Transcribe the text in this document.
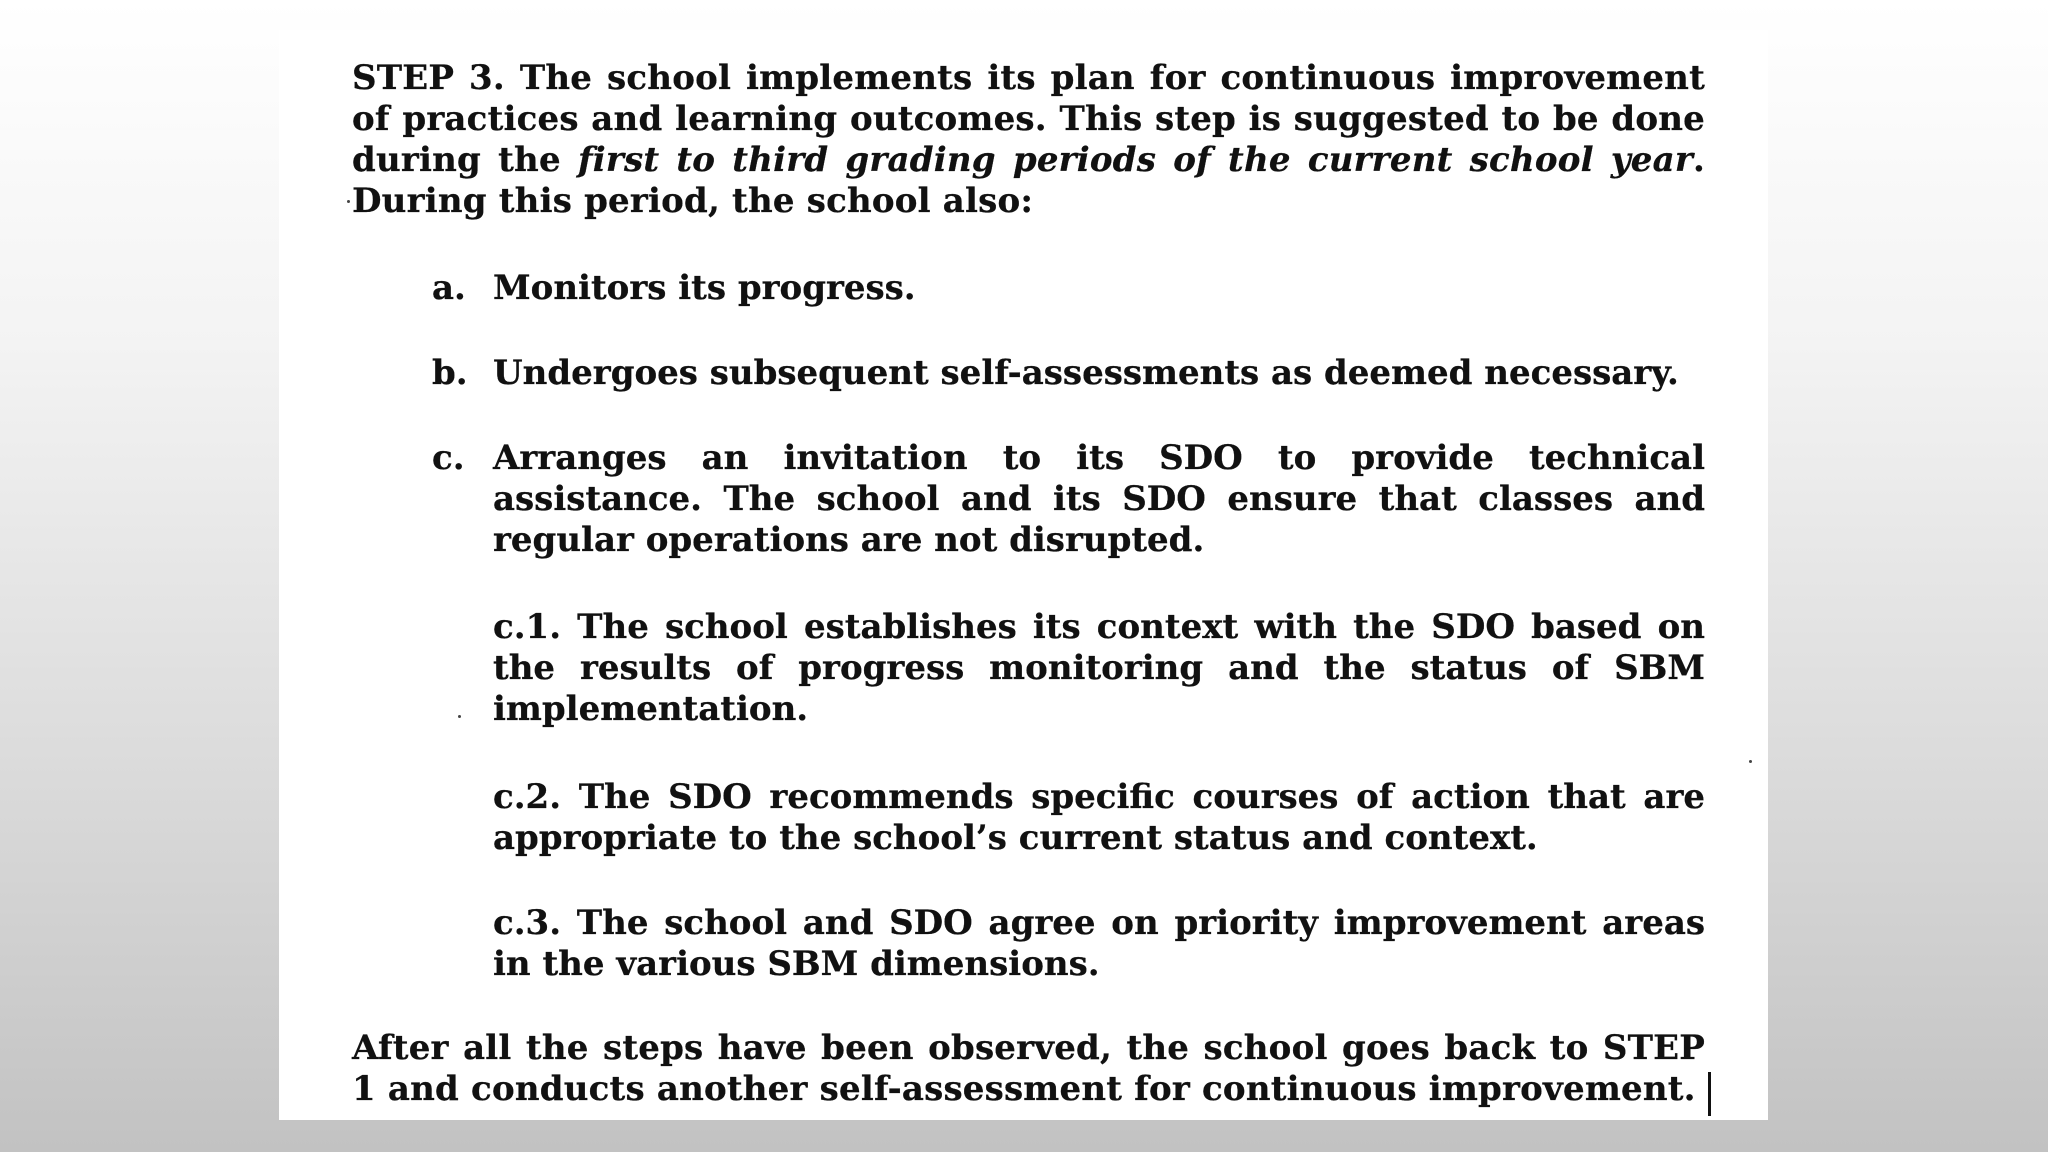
STEP 3. The school implements its plan for continuous improvement of practices and learning outcomes. This step is suggested to be done during the first to third grading periods of the current school year. During this period, the school also:

a. Monitors its progress.
b. Undergoes subsequent self-assessments as deemed necessary.
c. Arranges an invitation to its SDO to provide technical assistance. The school and its SDO ensure that classes and regular operations are not disrupted.
c.1. The school establishes its context with the SDO based on the results of progress monitoring and the status of SBM implementation.
c.2. The SDO recommends specific courses of action that are appropriate to the school’s current status and context.
c.3. The school and SDO agree on priority improvement areas in the various SBM dimensions.
After all the steps have been observed, the school goes back to STEP 1 and conducts another self-assessment for continuous improvement.
